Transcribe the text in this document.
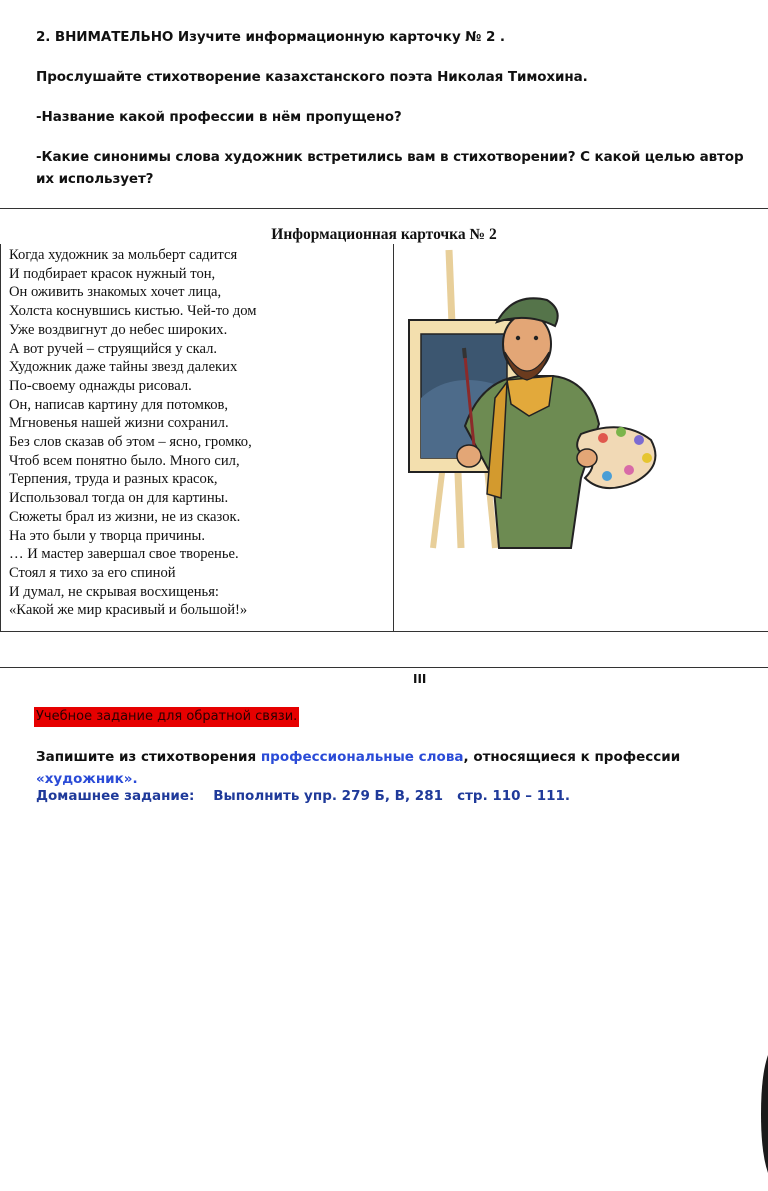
2. ВНИМАТЕЛЬНО Изучите информационную карточку № 2 .
Прослушайте стихотворение казахстанского поэта Николая Тимохина.
-Название какой профессии в нём пропущено?
-Какие синонимы слова художник встретились вам в стихотворении? С какой целью автор их использует?
Информационная карточка № 2
Когда художник за мольберт садится
И подбирает красок нужный тон,
Он оживить знакомых хочет лица,
Холста коснувшись кистью. Чей-то дом
Уже воздвигнут до небес широких.
А вот ручей – струящийся у скал.
Художник даже тайны звезд далеких
По-своему однажды рисовал.
Он, написав картину для потомков,
Мгновенья нашей жизни сохранил.
Без слов сказав об этом – ясно, громко,
Чтоб всем понятно было. Много сил,
Терпения, труда и разных красок,
Использовал тогда он для картины.
Сюжеты брал из жизни, не из сказок.
На это были у творца причины.
… И мастер завершал свое творенье.
Стоял я тихо за его спиной
И думал, не скрывая восхищенья:
«Какой же мир красивый и большой!»
III
Учебное задание для обратной связи.
Запишите из стихотворения профессиональные слова, относящиеся к профессии «художник».
Домашнее задание:    Выполнить упр. 279 Б, В, 281   стр. 110 – 111.
